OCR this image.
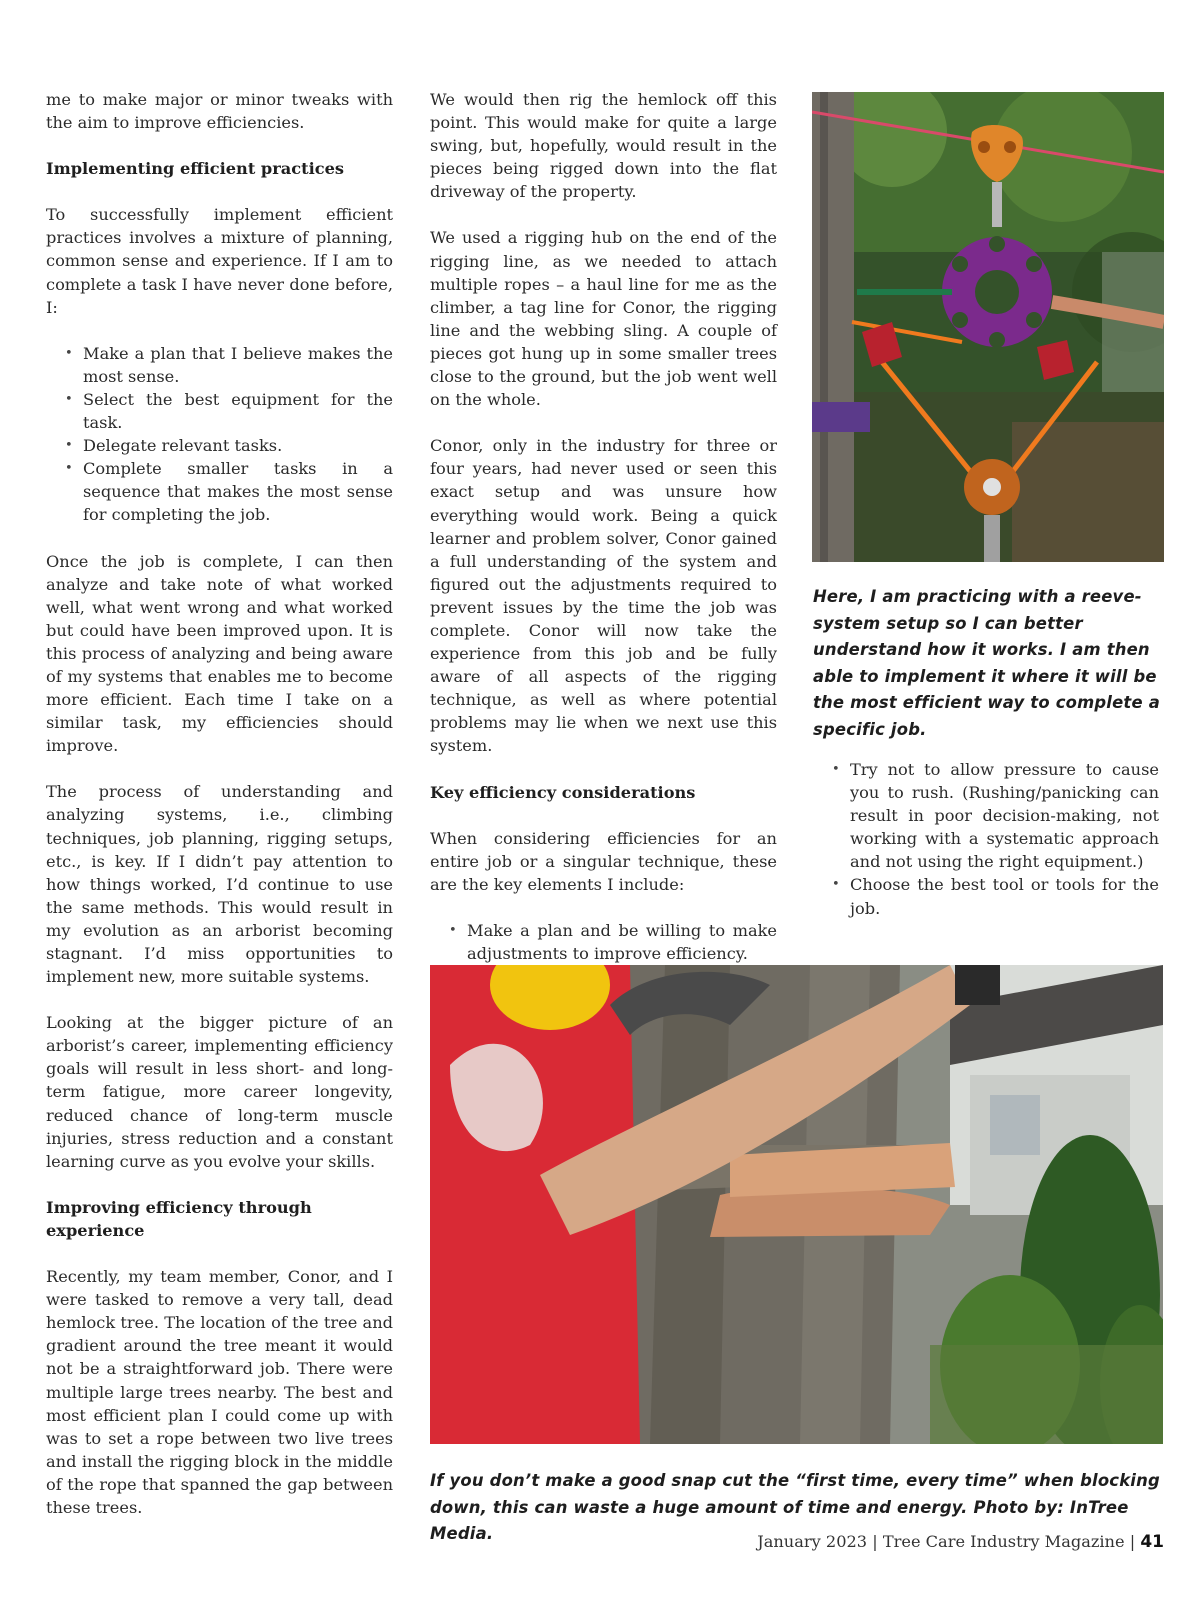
me to make major or minor tweaks with the aim to improve efficiencies.

Implementing efficient practices

To successfully implement efficient practices involves a mixture of planning, common sense and experience. If I am to complete a task I have never done before, I:

• Make a plan that I believe makes the most sense.
• Select the best equipment for the task.
• Delegate relevant tasks.
• Complete smaller tasks in a sequence that makes the most sense for completing the job.

Once the job is complete, I can then analyze and take note of what worked well, what went wrong and what worked but could have been improved upon. It is this process of analyzing and being aware of my systems that enables me to become more efficient. Each time I take on a similar task, my efficiencies should improve.

The process of understanding and analyzing systems, i.e., climbing techniques, job planning, rigging setups, etc., is key. If I didn’t pay attention to how things worked, I’d continue to use the same methods. This would result in my evolution as an arborist becoming stagnant. I’d miss opportunities to implement new, more suitable systems.

Looking at the bigger picture of an arborist’s career, implementing efficiency goals will result in less short- and long-term fatigue, more career longevity, reduced chance of long-term muscle injuries, stress reduction and a constant learning curve as you evolve your skills.

Improving efficiency through experience

Recently, my team member, Conor, and I were tasked to remove a very tall, dead hemlock tree. The location of the tree and gradient around the tree meant it would not be a straightforward job. There were multiple large trees nearby. The best and most efficient plan I could come up with was to set a rope between two live trees and install the rigging block in the middle of the rope that spanned the gap between these trees.

We would then rig the hemlock off this point. This would make for quite a large swing, but, hopefully, would result in the pieces being rigged down into the flat driveway of the property.

We used a rigging hub on the end of the rigging line, as we needed to attach multiple ropes – a haul line for me as the climber, a tag line for Conor, the rigging line and the webbing sling. A couple of pieces got hung up in some smaller trees close to the ground, but the job went well on the whole.

Conor, only in the industry for three or four years, had never used or seen this exact setup and was unsure how everything would work. Being a quick learner and problem solver, Conor gained a full understanding of the system and figured out the adjustments required to prevent issues by the time the job was complete. Conor will now take the experience from this job and be fully aware of all aspects of the rigging technique, as well as where potential problems may lie when we next use this system.

Key efficiency considerations

When considering efficiencies for an entire job or a singular technique, these are the key elements I include:

• Make a plan and be willing to make adjustments to improve efficiency.
• Try not to allow pressure to cause you to rush. (Rushing/panicking can result in poor decision-making, not working with a systematic approach and not using the right equipment.)
• Choose the best tool or tools for the job.
Here, I am practicing with a reeve-system setup so I can better understand how it works. I am then able to implement it where it will be the most efficient way to complete a specific job.
If you don’t make a good snap cut the “first time, every time” when blocking down, this can waste a huge amount of time and energy. Photo by: InTree Media.	January 2023 | Tree Care Industry Magazine | 41
